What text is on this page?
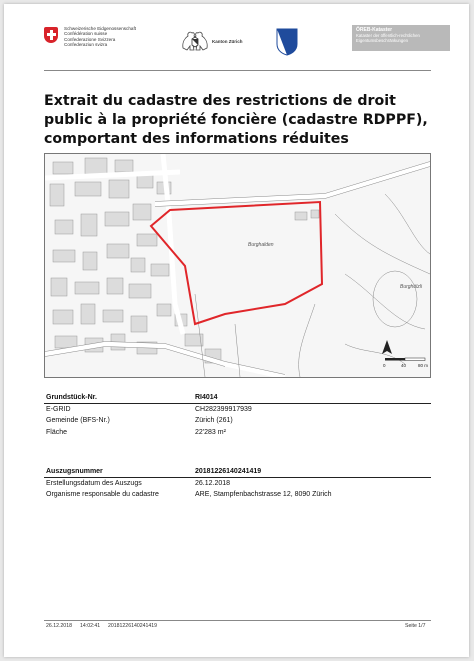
Schweizerische Eidgenossenschaft
Confédération suisse
Confederazione Svizzera
Confederaziun svizra
Kanton Zürich
ÖREB-Kataster
Kataster der öffentlich-rechtlichen
Eigentumsbeschränkungen
Extrait du cadastre des restrictions de droit public à la propriété foncière (cadastre RDPPF), comportant des informations réduites
Burghalden
Burghölzli
0	40	80 m
Grundstück-Nr.	RI4014
E-GRID	CH282399917939
Gemeinde (BFS-Nr.)	Zürich (261)
Fläche	22'283 m²
Auszugsnummer	20181226140241419
Erstellungsdatum des Auszugs	26.12.2018
Organisme responsable du cadastre	ARE, Stampfenbachstrasse 12, 8090 Zürich
26.12.2018 14:02:41 20181226140241419	Seite 1/7
